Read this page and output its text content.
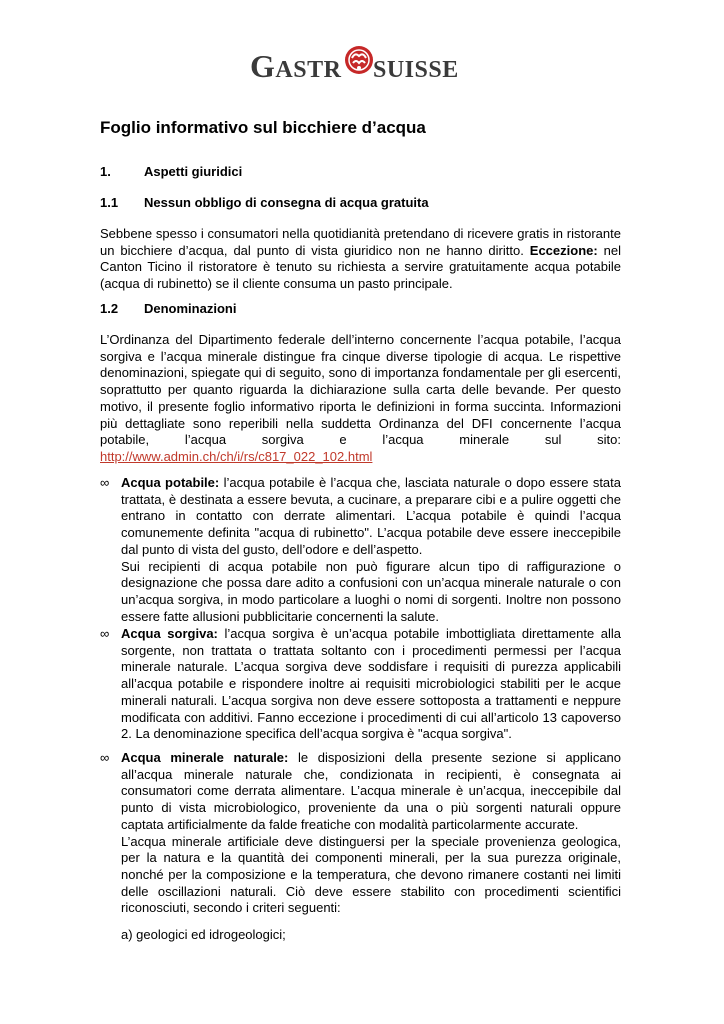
GASTR SUISSE
Foglio informativo sul bicchiere d’acqua
1.	Aspetti giuridici
1.1 Nessun obbligo di consegna di acqua gratuita

Sebbene spesso i consumatori nella quotidianità pretendano di ricevere gratis in ristorante un bicchiere d’acqua, dal punto di vista giuridico non ne hanno diritto. Eccezione: nel Canton Ticino il ristoratore è tenuto su richiesta a servire gratuitamente acqua potabile (acqua di rubinetto) se il cliente consuma un pasto principale.

1.2 Denominazioni

L’Ordinanza del Dipartimento federale dell’interno concernente l’acqua potabile, l’acqua sorgiva e l’acqua minerale distingue fra cinque diverse tipologie di acqua. Le rispettive denominazioni, spiegate qui di seguito, sono di importanza fondamentale per gli esercenti, soprattutto per quanto riguarda la dichiarazione sulla carta delle bevande. Per questo motivo, il presente foglio informativo riporta le definizioni in forma succinta. Informazioni più dettagliate sono reperibili nella suddetta Ordinanza del DFI concernente l’acqua potabile, l’acqua sorgiva e l’acqua minerale sul sito: http://www.admin.ch/ch/i/rs/c817_022_102.html

∞ Acqua potabile: l’acqua potabile è l’acqua che, lasciata naturale o dopo essere stata trattata, è destinata a essere bevuta, a cucinare, a preparare cibi e a pulire oggetti che entrano in contatto con derrate alimentari. L’acqua potabile è quindi l’acqua comunemente definita "acqua di rubinetto". L’acqua potabile deve essere ineccepibile dal punto di vista del gusto, dell’odore e dell’aspetto.

Sui recipienti di acqua potabile non può figurare alcun tipo di raffigurazione o designazione che possa dare adito a confusioni con un’acqua minerale naturale o con un’acqua sorgiva, in modo particolare a luoghi o nomi di sorgenti. Inoltre non possono essere fatte allusioni pubblicitarie concernenti la salute.

∞ Acqua sorgiva: l’acqua sorgiva è un’acqua potabile imbottigliata direttamente alla sorgente, non trattata o trattata soltanto con i procedimenti permessi per l’acqua minerale naturale. L’acqua sorgiva deve soddisfare i requisiti di purezza applicabili all’acqua potabile e rispondere inoltre ai requisiti microbiologici stabiliti per le acque minerali naturali. L’acqua sorgiva non deve essere sottoposta a trattamenti e neppure modificata con additivi. Fanno eccezione i procedimenti di cui all’articolo 13 capoverso 2. La denominazione specifica dell’acqua sorgiva è "acqua sorgiva".

∞ Acqua minerale naturale: le disposizioni della presente sezione si applicano all’acqua minerale naturale che, condizionata in recipienti, è consegnata ai consumatori come derrata alimentare. L’acqua minerale è un’acqua, ineccepibile dal punto di vista microbiologico, proveniente da una o più sorgenti naturali oppure captata artificialmente da falde freatiche con modalità particolarmente accurate.

L’acqua minerale artificiale deve distinguersi per la speciale provenienza geologica, per la natura e la quantità dei componenti minerali, per la sua purezza originale, nonché per la composizione e la temperatura, che devono rimanere costanti nei limiti delle oscillazioni naturali. Ciò deve essere stabilito con procedimenti scientifici riconosciuti, secondo i criteri seguenti:

a) geologici ed idrogeologici;
